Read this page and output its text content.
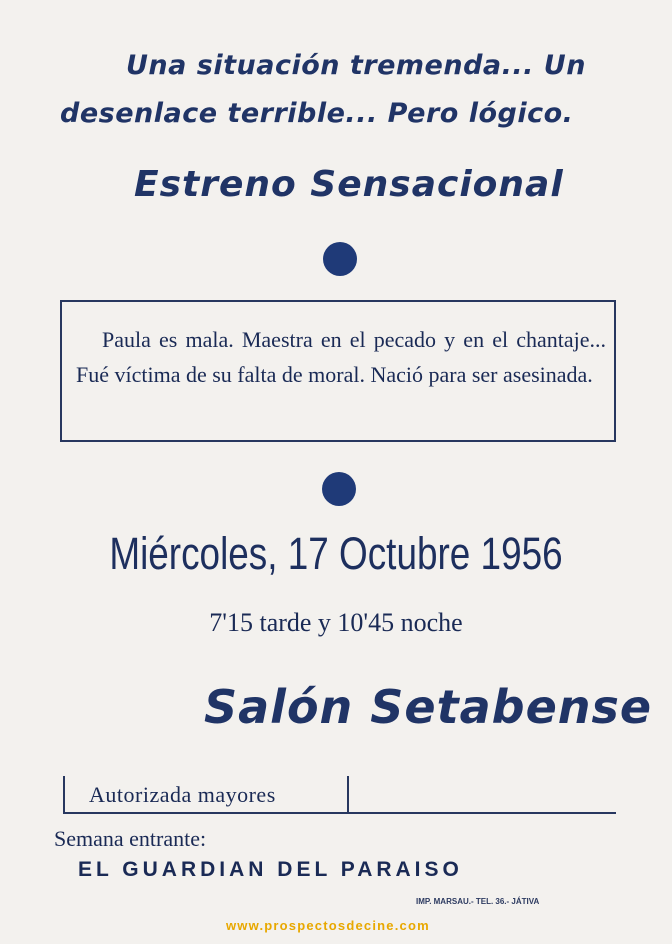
Una situación tremenda... Un
desenlace terrible... Pero lógico.
Estreno Sensacional
Paula es mala. Maestra en el pecado y en el chantaje... Fué víctima de su falta de moral. Nació para ser asesinada.
Miércoles, 17 Octubre 1956
7'15 tarde y 10'45 noche
Salón Setabense
Autorizada mayores
Semana entrante:
EL GUARDIAN DEL PARAISO
IMP. MARSAU.- TEL. 36.- JÁTIVA
www.prospectosdecine.com
